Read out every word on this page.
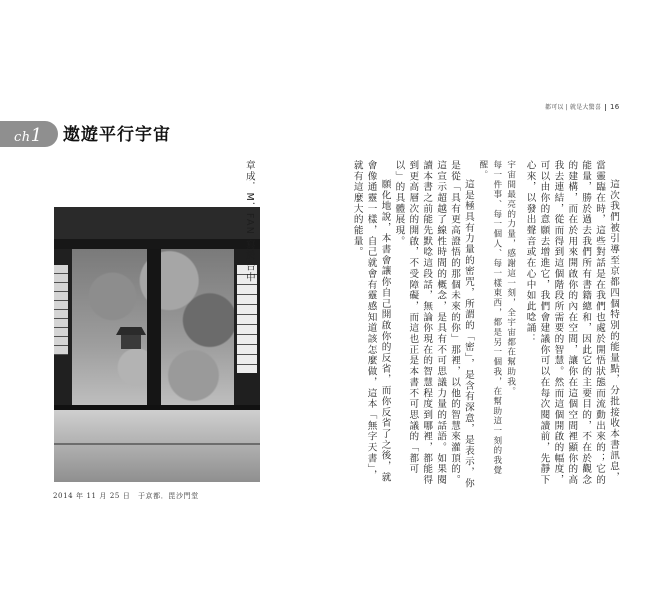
都可以 | 就是大驚喜 16
ch1 遨遊平行宇宙
2014 年 11 月 25 日　于京都．毘沙門堂

這次我們被引導至京都四個特別的能量點，分批接收本書訊息，當靈臨在時，這些對話是在我們也處於開悟狀態而流動出來的；它的能量，勝於過去我們所有書籍總和，因此它的主要目的，不在於觀念的建構，而在於用來開啟你的內在空間，讓你在這個空間裡顯你的高我去連結，從而得到這個階段所需要的智慧。然而這個開啟的幅度，可以由你的意願去增進它，我們會建議你可以在每次閱讀前，先靜下心來，以發出聲音或在心中如此唸誦：

宇宙間最亮的力量，感謝這一刻，全宇宙都在幫助我。
每一件事、每一個人、每一樣東西，都是另一個我，在幫助這一刻的我覺醒。

這是極具有力量的密咒，所謂的「密」，是含有深意，是表示，你是從「具有更高證悟的那個未來的你」那裡，以他的智慧來灌頂的。這宣示超越了線性時間的概念，是具有不可思議力量的話語。如果閱讀本書之前能先默唸這段話，無論你現在的智慧程度到哪裡，都能得到更高層次的開啟，不受障礙，而這也正是本書不可思議的「都可以」的具體展現。

願化地說，本書會讓你自己開啟你的反省，而你反省了之後，就會像通靈一樣，自己就會有靈感知道該怎麼做，這本「無字天書」，就有這麼大的能量。

章成．M．FAN 寫於台中
